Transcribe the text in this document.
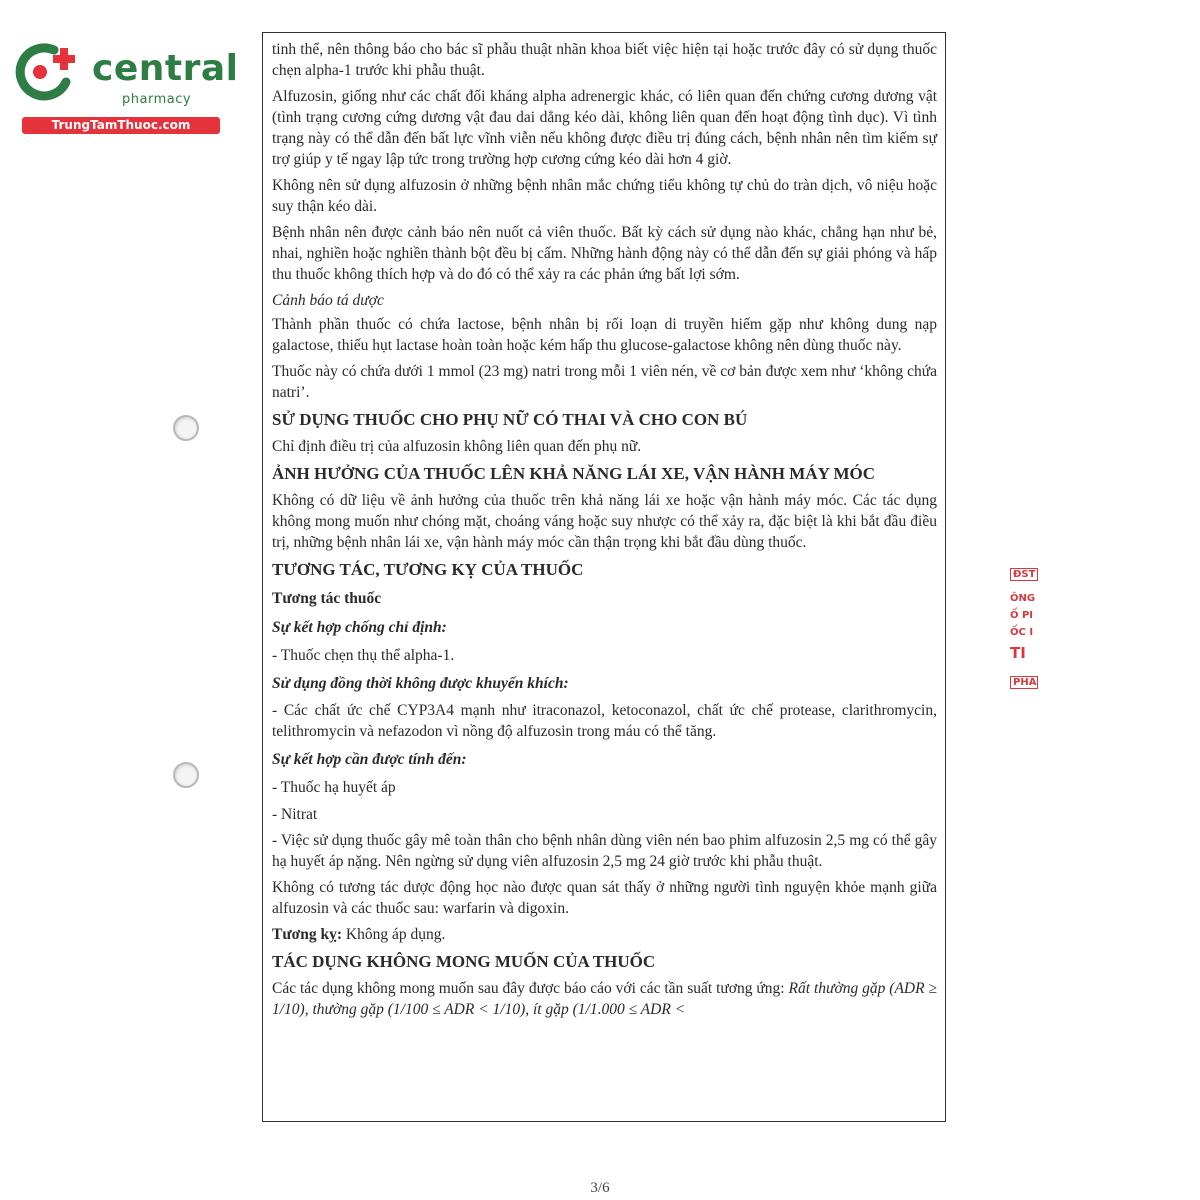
central
pharmacy
TrungTamThuoc.com
ĐST
ÔNG
Ố PI
ỐC I
TI
PHÁ

tinh thể, nên thông báo cho bác sĩ phẫu thuật nhãn khoa biết việc hiện tại hoặc trước đây có sử dụng thuốc chẹn alpha-1 trước khi phẫu thuật.

Alfuzosin, giống như các chất đối kháng alpha adrenergic khác, có liên quan đến chứng cương dương vật (tình trạng cương cứng dương vật đau dai dẳng kéo dài, không liên quan đến hoạt động tình dục). Vì tình trạng này có thể dẫn đến bất lực vĩnh viễn nếu không được điều trị đúng cách, bệnh nhân nên tìm kiếm sự trợ giúp y tế ngay lập tức trong trường hợp cương cứng kéo dài hơn 4 giờ.

Không nên sử dụng alfuzosin ở những bệnh nhân mắc chứng tiểu không tự chủ do tràn dịch, vô niệu hoặc suy thận kéo dài.

Bệnh nhân nên được cảnh báo nên nuốt cả viên thuốc. Bất kỳ cách sử dụng nào khác, chẳng hạn như bẻ, nhai, nghiền hoặc nghiền thành bột đều bị cấm. Những hành động này có thể dẫn đến sự giải phóng và hấp thu thuốc không thích hợp và do đó có thể xảy ra các phản ứng bất lợi sớm.

Cảnh báo tá dược

Thành phần thuốc có chứa lactose, bệnh nhân bị rối loạn di truyền hiếm gặp như không dung nạp galactose, thiếu hụt lactase hoàn toàn hoặc kém hấp thu glucose-galactose không nên dùng thuốc này.

Thuốc này có chứa dưới 1 mmol (23 mg) natri trong mỗi 1 viên nén, về cơ bản được xem như ‘không chứa natri’.

SỬ DỤNG THUỐC CHO PHỤ NỮ CÓ THAI VÀ CHO CON BÚ

Chỉ định điều trị của alfuzosin không liên quan đến phụ nữ.

ẢNH HƯỞNG CỦA THUỐC LÊN KHẢ NĂNG LÁI XE, VẬN HÀNH MÁY MÓC

Không có dữ liệu về ảnh hưởng của thuốc trên khả năng lái xe hoặc vận hành máy móc. Các tác dụng không mong muốn như chóng mặt, choáng váng hoặc suy nhược có thể xảy ra, đặc biệt là khi bắt đầu điều trị, những bệnh nhân lái xe, vận hành máy móc cần thận trọng khi bắt đầu dùng thuốc.

TƯƠNG TÁC, TƯƠNG KỴ CỦA THUỐC
Tương tác thuốc
Sự kết hợp chống chỉ định:
- Thuốc chẹn thụ thể alpha-1.
Sử dụng đồng thời không được khuyến khích:

- Các chất ức chế CYP3A4 mạnh như itraconazol, ketoconazol, chất ức chế protease, clarithromycin, telithromycin và nefazodon vì nồng độ alfuzosin trong máu có thể tăng.

Sự kết hợp cần được tính đến:
- Thuốc hạ huyết áp
- Nitrat

- Việc sử dụng thuốc gây mê toàn thân cho bệnh nhân dùng viên nén bao phim alfuzosin 2,5 mg có thể gây hạ huyết áp nặng. Nên ngừng sử dụng viên alfuzosin 2,5 mg 24 giờ trước khi phẫu thuật.

Không có tương tác dược động học nào được quan sát thấy ở những người tình nguyện khỏe mạnh giữa alfuzosin và các thuốc sau: warfarin và digoxin.

Tương kỵ: Không áp dụng.

TÁC DỤNG KHÔNG MONG MUỐN CỦA THUỐC

Các tác dụng không mong muốn sau đây được báo cáo với các tần suất tương ứng: Rất thường gặp (ADR ≥ 1/10), thường gặp (1/100 ≤ ADR < 1/10), ít gặp (1/1.000 ≤ ADR <

3/6
